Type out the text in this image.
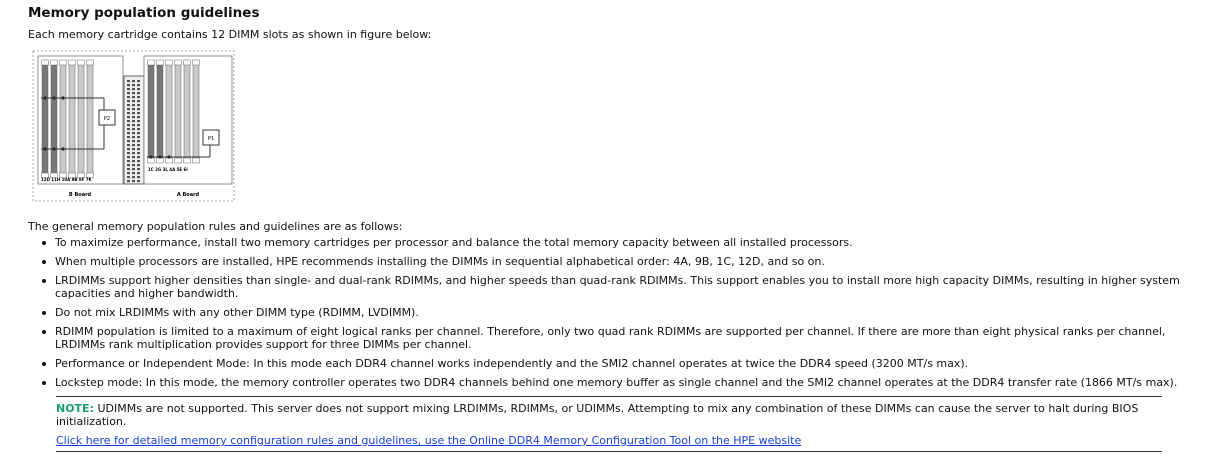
Memory population guidelines

Each memory cartridge contains 12 DIMM slots as shown in figure below:

P2
P1
12D 11H 10A 9B 8F 7K
1C 2G 3L 4A 5E 6I
B Board	A Board

The general memory population rules and guidelines are as follows:

To maximize performance, install two memory cartridges per processor and balance the total memory capacity between all installed processors.
When multiple processors are installed, HPE recommends installing the DIMMs in sequential alphabetical order: 4A, 9B, 1C, 12D, and so on.
LRDIMMs support higher densities than single- and dual-rank RDIMMs, and higher speeds than quad-rank RDIMMs. This support enables you to install more high capacity DIMMs, resulting in higher system capacities and higher bandwidth.
Do not mix LRDIMMs with any other DIMM type (RDIMM, LVDIMM).
RDIMM population is limited to a maximum of eight logical ranks per channel. Therefore, only two quad rank RDIMMs are supported per channel. If there are more than eight physical ranks per channel, LRDIMMs rank multiplication provides support for three DIMMs per channel.
Performance or Independent Mode: In this mode each DDR4 channel works independently and the SMI2 channel operates at twice the DDR4 speed (3200 MT/s max).
Lockstep mode: In this mode, the memory controller operates two DDR4 channels behind one memory buffer as single channel and the SMI2 channel operates at the DDR4 transfer rate (1866 MT/s max).
NOTE: UDIMMs are not supported. This server does not support mixing LRDIMMs, RDIMMs, or UDIMMs. Attempting to mix any combination of these DIMMs can cause the server to halt during BIOS initialization.
Click here for detailed memory configuration rules and guidelines, use the Online DDR4 Memory Configuration Tool on the HPE website
